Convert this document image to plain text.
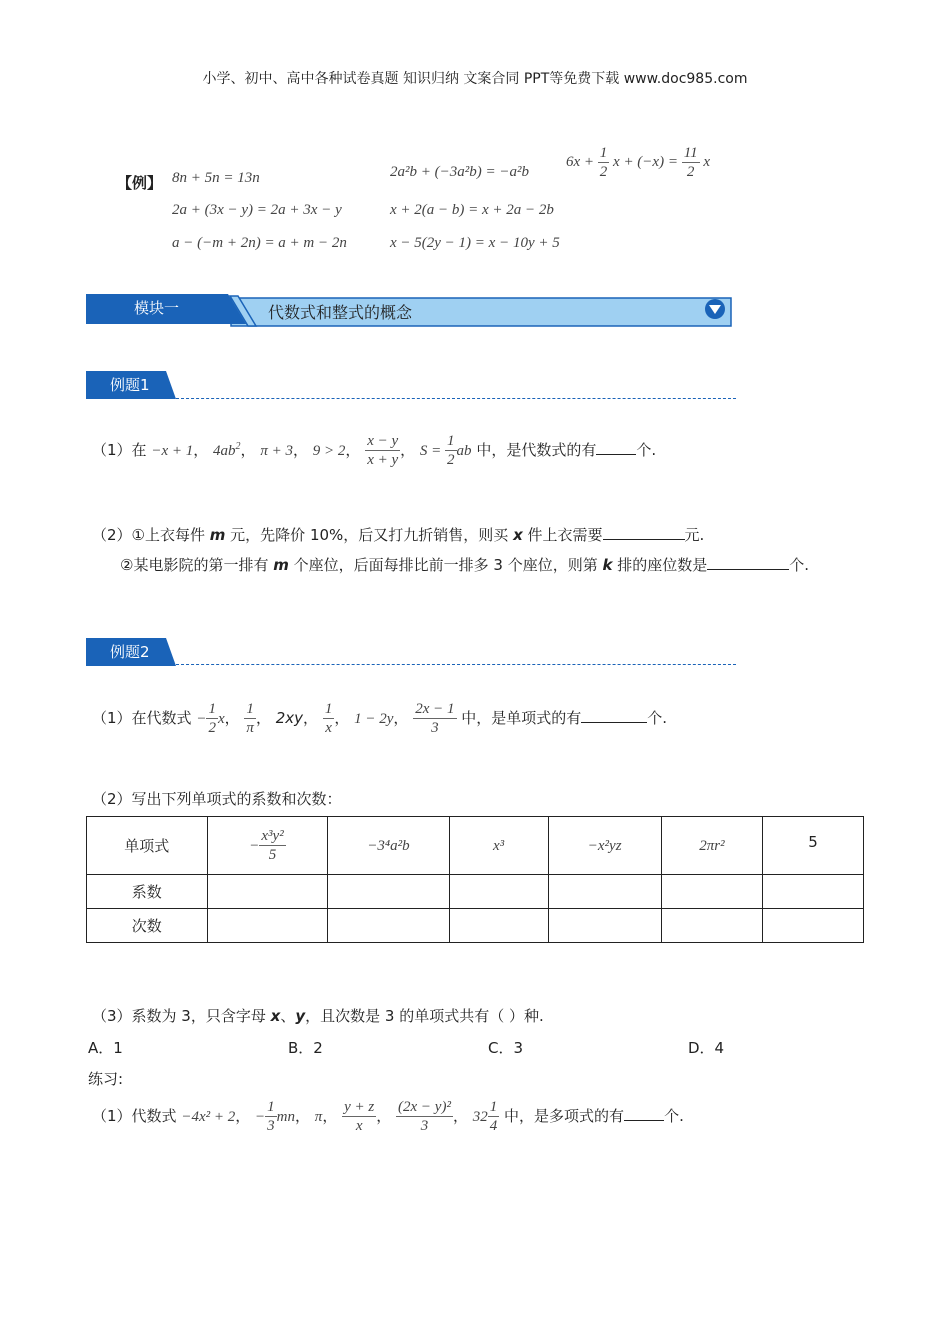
小学、初中、高中各种试卷真题 知识归纳 文案合同 PPT等免费下载 www.doc985.com
【例】 8n + 5n = 13n	2a²b + (−3a²b) = −a²b
$6x + \frac{1}{2}$ $x + (-x) = \frac{11}{2}$ x
2a + (3x − y) = 2a + 3x − y	x + 2(a − b) = x + 2a − 2b
a − (−m + 2n) = a + m − 2n	x − 5(2y − 1) = x − 10y + 5
模块一	代数式和整式的概念
例题1
（1）在 −x + 1， $4ab^2$， π + 3， 9 > 2， $\frac{x - y}{x + y}$ ， $S = \frac{1}{2}$ ab 中，是代数式的有	个.
（2）①上衣每件 m 元，先降价 10%，后又打九折销售，则买 x 件上衣需要	元.
②某电影院的第一排有 m 个座位，后面每排比前一排多 3 个座位，则第 k 排的座位数是	个.
例题2
（1）在代数式 − $\frac{1}{2}$ x， $\frac{1}{\pi}$ ， 2xy， $\frac{1}{x}$ ， 1 − 2y， $\frac{2x - 1}{3}$ 中，是单项式的有	个.
（2）写出下列单项式的系数和次数：
单项式	− $\frac{\text{x³y²}}{5}$	−3⁴a²b	x³	−x²yz	2πr²	5
系数						
次数						
（3）系数为 3，只含字母 x、y，且次数是 3 的单项式共有（ ）种.
A．1	B．2	C．3	D．4
练习:
（1）代数式 −4x² + 2， − $\frac{1}{3}$ mn， π， $\frac{y + z}{x}$ ， $\frac{\text{(2x − y)²}}{3}$ ， $32 \frac{1}{4}$ 中，是多项式的有	个.
